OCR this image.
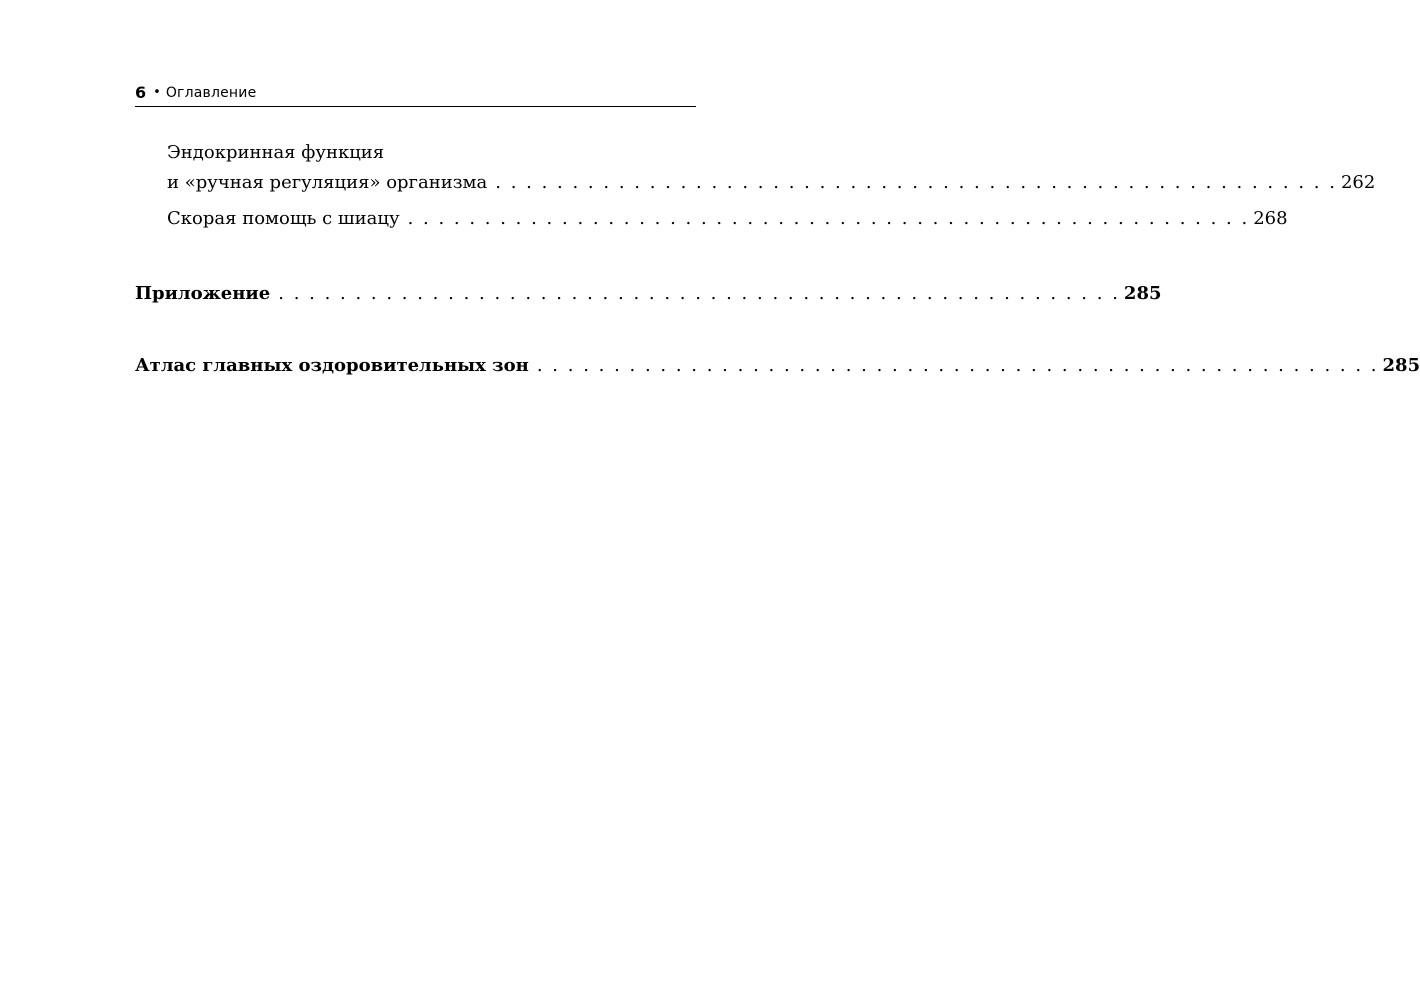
6 • Оглавление
Эндокринная функция
и «ручная регуляция» организма . . . . . . . . . . . . . . . . . . . . . . . . . . . . . . . . . . . . . . . . . . . . . . . . . . . . . . . 262
Скорая помощь с шиацу . . . . . . . . . . . . . . . . . . . . . . . . . . . . . . . . . . . . . . . . . . . . . . . . . . . . . . . 268
Приложение . . . . . . . . . . . . . . . . . . . . . . . . . . . . . . . . . . . . . . . . . . . . . . . . . . . . . . . 285
Атлас главных оздоровительных зон . . . . . . . . . . . . . . . . . . . . . . . . . . . . . . . . . . . . . . . . . . . . . . . . . . . . . . . 285
